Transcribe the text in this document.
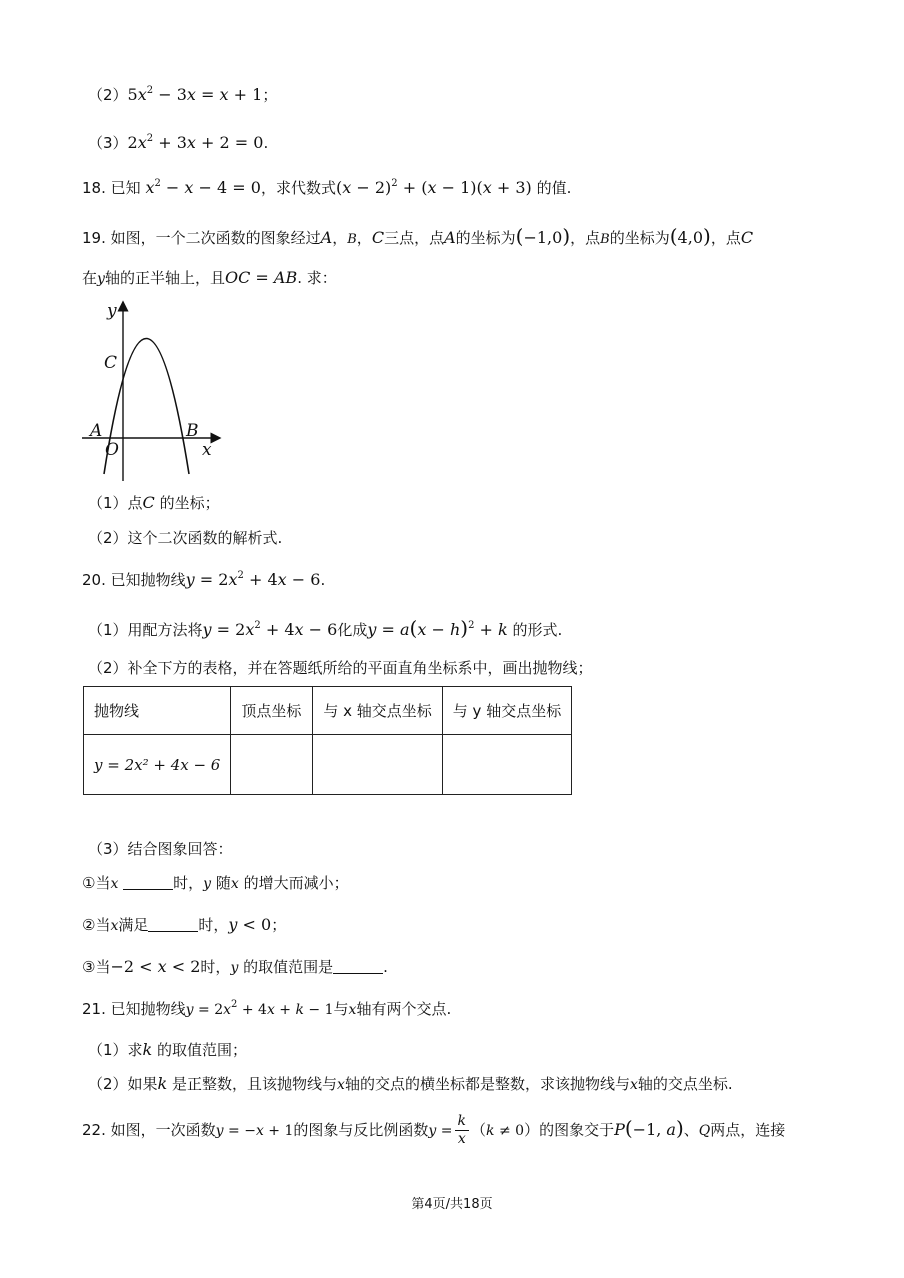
$(2)5x^2 - 3x = x + 1$；
$(3)2x^2 + 3x + 2 = 0$.
18. 已知 $x^2 - x - 4 = 0$，求代数式$(x - 2)^2 + (x - 1)(x + 3)$ 的值.
19. 如图，一个二次函数的图象经过A，B，C三点，点A的坐标为(−1,0)，点B的坐标为(4,0)，点C
在y轴的正半轴上，且OC = AB. 求：
y
x
C
A
O
B
（1）点C 的坐标；
（2）这个二次函数的解析式.
20. 已知抛物线$y = 2x^2 + 4x - 6$.
（1）用配方法将$y = 2x^2 + 4x - 6$化成$y = a(x - h)^2 + k$ 的形式.
（2）补全下方的表格，并在答题纸所给的平面直角坐标系中，画出抛物线；
抛物线	顶点坐标	与 x 轴交点坐标	与 y 轴交点坐标
y = 2x² + 4x − 6			
（3）结合图象回答：
①当x	时，y 随x 的增大而减小；
②当x满足	时，y < 0；
③当−2 < x < 2时，y 的取值范围是	.
21. 已知抛物线$y = 2x^2 + 4x + k - 1$与x轴有两个交点.
（1）求k 的取值范围；
（2）如果k 是正整数，且该抛物线与x轴的交点的横坐标都是整数，求该抛物线与x轴的交点坐标.
22. 如图，一次函数y = −x + 1的图象与反比例函数$y = \frac{k}{x} (k \ne 0)$的图象交于P(−1, a)、Q两点，连接
第4页/共18页
